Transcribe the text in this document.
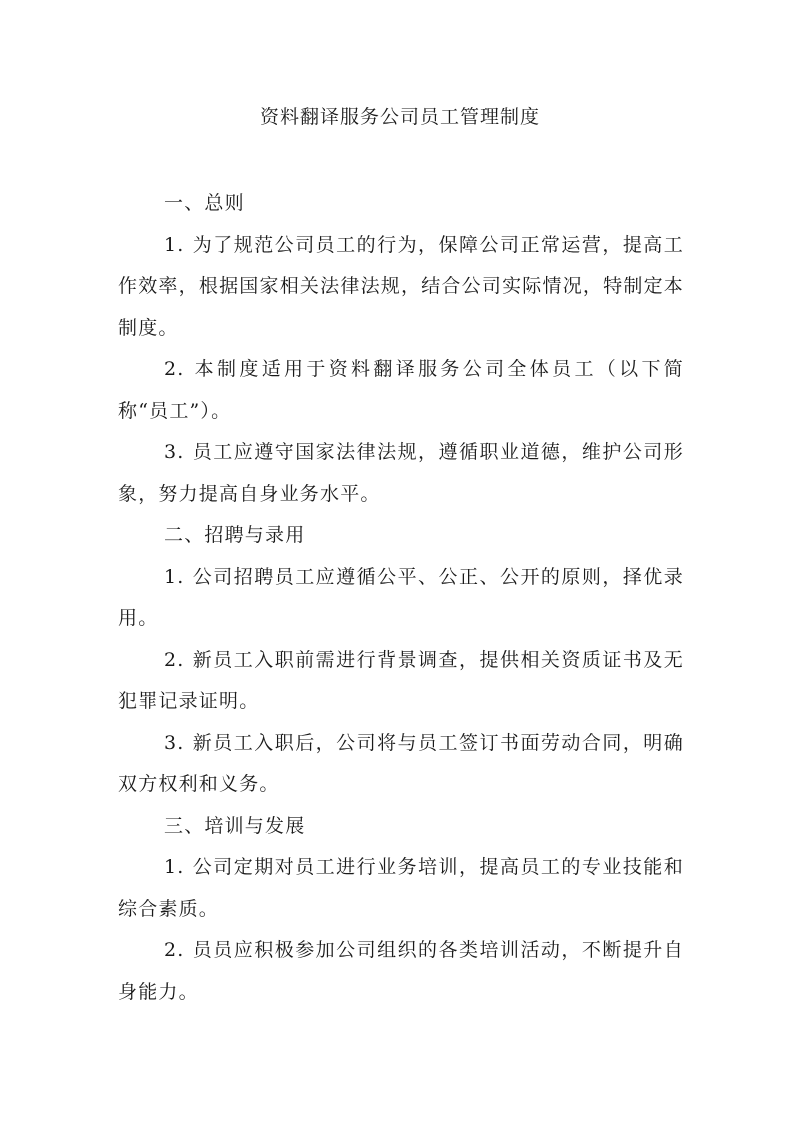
资料翻译服务公司员工管理制度

一、总则

1. 为了规范公司员工的行为，保障公司正常运营，提高工作效率，根据国家相关法律法规，结合公司实际情况，特制定本制度。

2. 本制度适用于资料翻译服务公司全体员工（以下简称“员工”）。

3. 员工应遵守国家法律法规，遵循职业道德，维护公司形象，努力提高自身业务水平。

二、招聘与录用

1. 公司招聘员工应遵循公平、公正、公开的原则，择优录用。

2. 新员工入职前需进行背景调查，提供相关资质证书及无犯罪记录证明。

3. 新员工入职后，公司将与员工签订书面劳动合同，明确双方权利和义务。

三、培训与发展

1. 公司定期对员工进行业务培训，提高员工的专业技能和综合素质。

2. 员员应积极参加公司组织的各类培训活动，不断提升自身能力。
